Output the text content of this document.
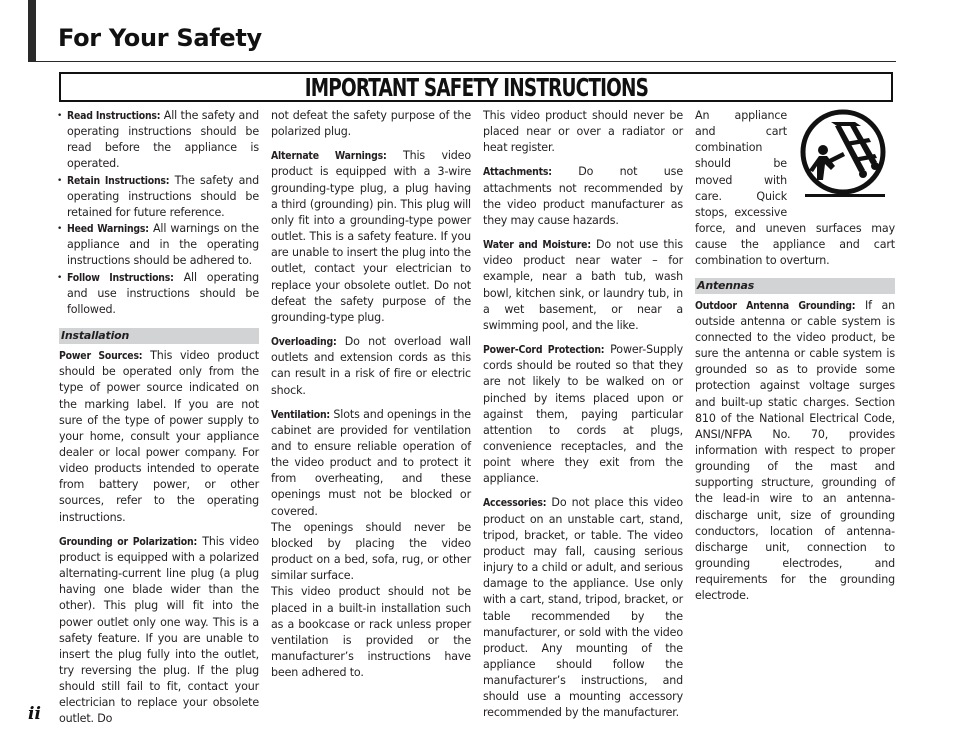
For Your Safety
IMPORTANT SAFETY INSTRUCTIONS
• Read Instructions: All the safety and operating instructions should be read before the appliance is operated.
• Retain Instructions: The safety and operating instructions should be retained for future reference.
• Heed Warnings: All warnings on the appliance and in the operating instructions should be adhered to.
• Follow Instructions: All operating and use instructions should be followed.
Installation

Power Sources: This video product should be operated only from the type of power source indicated on the marking label. If you are not sure of the type of power supply to your home, consult your appliance dealer or local power company. For video products intended to operate from battery power, or other sources, refer to the operating instructions.

Grounding or Polarization: This video product is equipped with a polarized alternating-current line plug (a plug having one blade wider than the other). This plug will fit into the power outlet only one way. This is a safety feature. If you are unable to insert the plug fully into the outlet, try reversing the plug. If the plug should still fail to fit, contact your electrician to replace your obsolete outlet. Do

not defeat the safety purpose of the polarized plug.

Alternate Warnings: This video product is equipped with a 3-wire grounding-type plug, a plug having a third (grounding) pin. This plug will only fit into a grounding-type power outlet. This is a safety feature. If you are unable to insert the plug into the outlet, contact your electrician to replace your obsolete outlet. Do not defeat the safety purpose of the grounding-type plug.

Overloading: Do not overload wall outlets and extension cords as this can result in a risk of fire or electric shock.

Ventilation: Slots and openings in the cabinet are provided for ventilation and to ensure reliable operation of the video product and to protect it from overheating, and these openings must not be blocked or covered.

The openings should never be blocked by placing the video product on a bed, sofa, rug, or other similar surface.

This video product should not be placed in a built-in installation such as a bookcase or rack unless proper ventilation is provided or the manufacturer’s instructions have been adhered to.

This video product should never be placed near or over a radiator or heat register.

Attachments: Do not use attachments not recommended by the video product manufacturer as they may cause hazards.

Water and Moisture: Do not use this video product near water – for example, near a bath tub, wash bowl, kitchen sink, or laundry tub, in a wet basement, or near a swimming pool, and the like.

Power-Cord Protection: Power-Supply cords should be routed so that they are not likely to be walked on or pinched by items placed upon or against them, paying particular attention to cords at plugs, convenience receptacles, and the point where they exit from the appliance.

Accessories: Do not place this video product on an unstable cart, stand, tripod, bracket, or table. The video product may fall, causing serious injury to a child or adult, and serious damage to the appliance. Use only with a cart, stand, tripod, bracket, or table recommended by the manufacturer, or sold with the video product. Any mounting of the appliance should follow the manufacturer’s instructions, and should use a mounting accessory recommended by the manufacturer.

An appliance and cart combination should be moved with care. Quick stops, excessive force, and uneven surfaces may cause the appliance and cart combination to overturn.

Antennas

Outdoor Antenna Grounding: If an outside antenna or cable system is connected to the video product, be sure the antenna or cable system is grounded so as to provide some protection against voltage surges and built-up static charges. Section 810 of the National Electrical Code, ANSI/NFPA No. 70, provides information with respect to proper grounding of the mast and supporting structure, grounding of the lead-in wire to an antenna-discharge unit, size of grounding conductors, location of antenna-discharge unit, connection to grounding electrodes, and requirements for the grounding electrode.

ii
